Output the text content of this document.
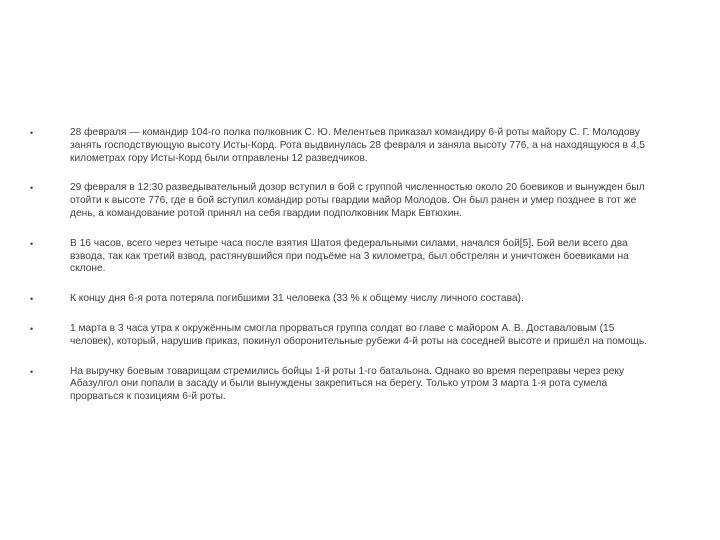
•	28 февраля — командир 104-го полка полковник С. Ю. Мелентьев приказал командиру 6-й роты майору С. Г. Молодову занять господствующую высоту Исты-Корд. Рота выдвинулась 28 февраля и заняла высоту 776, а на находящуюся в 4,5 километрах гору Исты-Корд были отправлены 12 разведчиков.
•	29 февраля в 12:30 разведывательный дозор вступил в бой с группой численностью около 20 боевиков и вынужден был отойти к высоте 776, где в бой вступил командир роты гвардии майор Молодов. Он был ранен и умер позднее в тот же день, а командование ротой принял на себя гвардии подполковник Марк Евтюхин.
•	В 16 часов, всего через четыре часа после взятия Шатоя федеральными силами, начался бой[5]. Бой вели всего два взвода, так как третий взвод, растянувшийся при подъёме на 3 километра, был обстрелян и уничтожен боевиками на склоне.
•	К концу дня 6-я рота потеряла погибшими 31 человека (33 % к общему числу личного состава).
•	1 марта в 3 часа утра к окружённым смогла прорваться группа солдат во главе с майором А. В. Доставаловым (15 человек), который, нарушив приказ, покинул оборонительные рубежи 4-й роты на соседней высоте и пришёл на помощь.
•	На выручку боевым товарищам стремились бойцы 1-й роты 1-го батальона. Однако во время переправы через реку Абазулгол они попали в засаду и были вынуждены закрепиться на берегу. Только утром 3 марта 1-я рота сумела прорваться к позициям 6-й роты.
